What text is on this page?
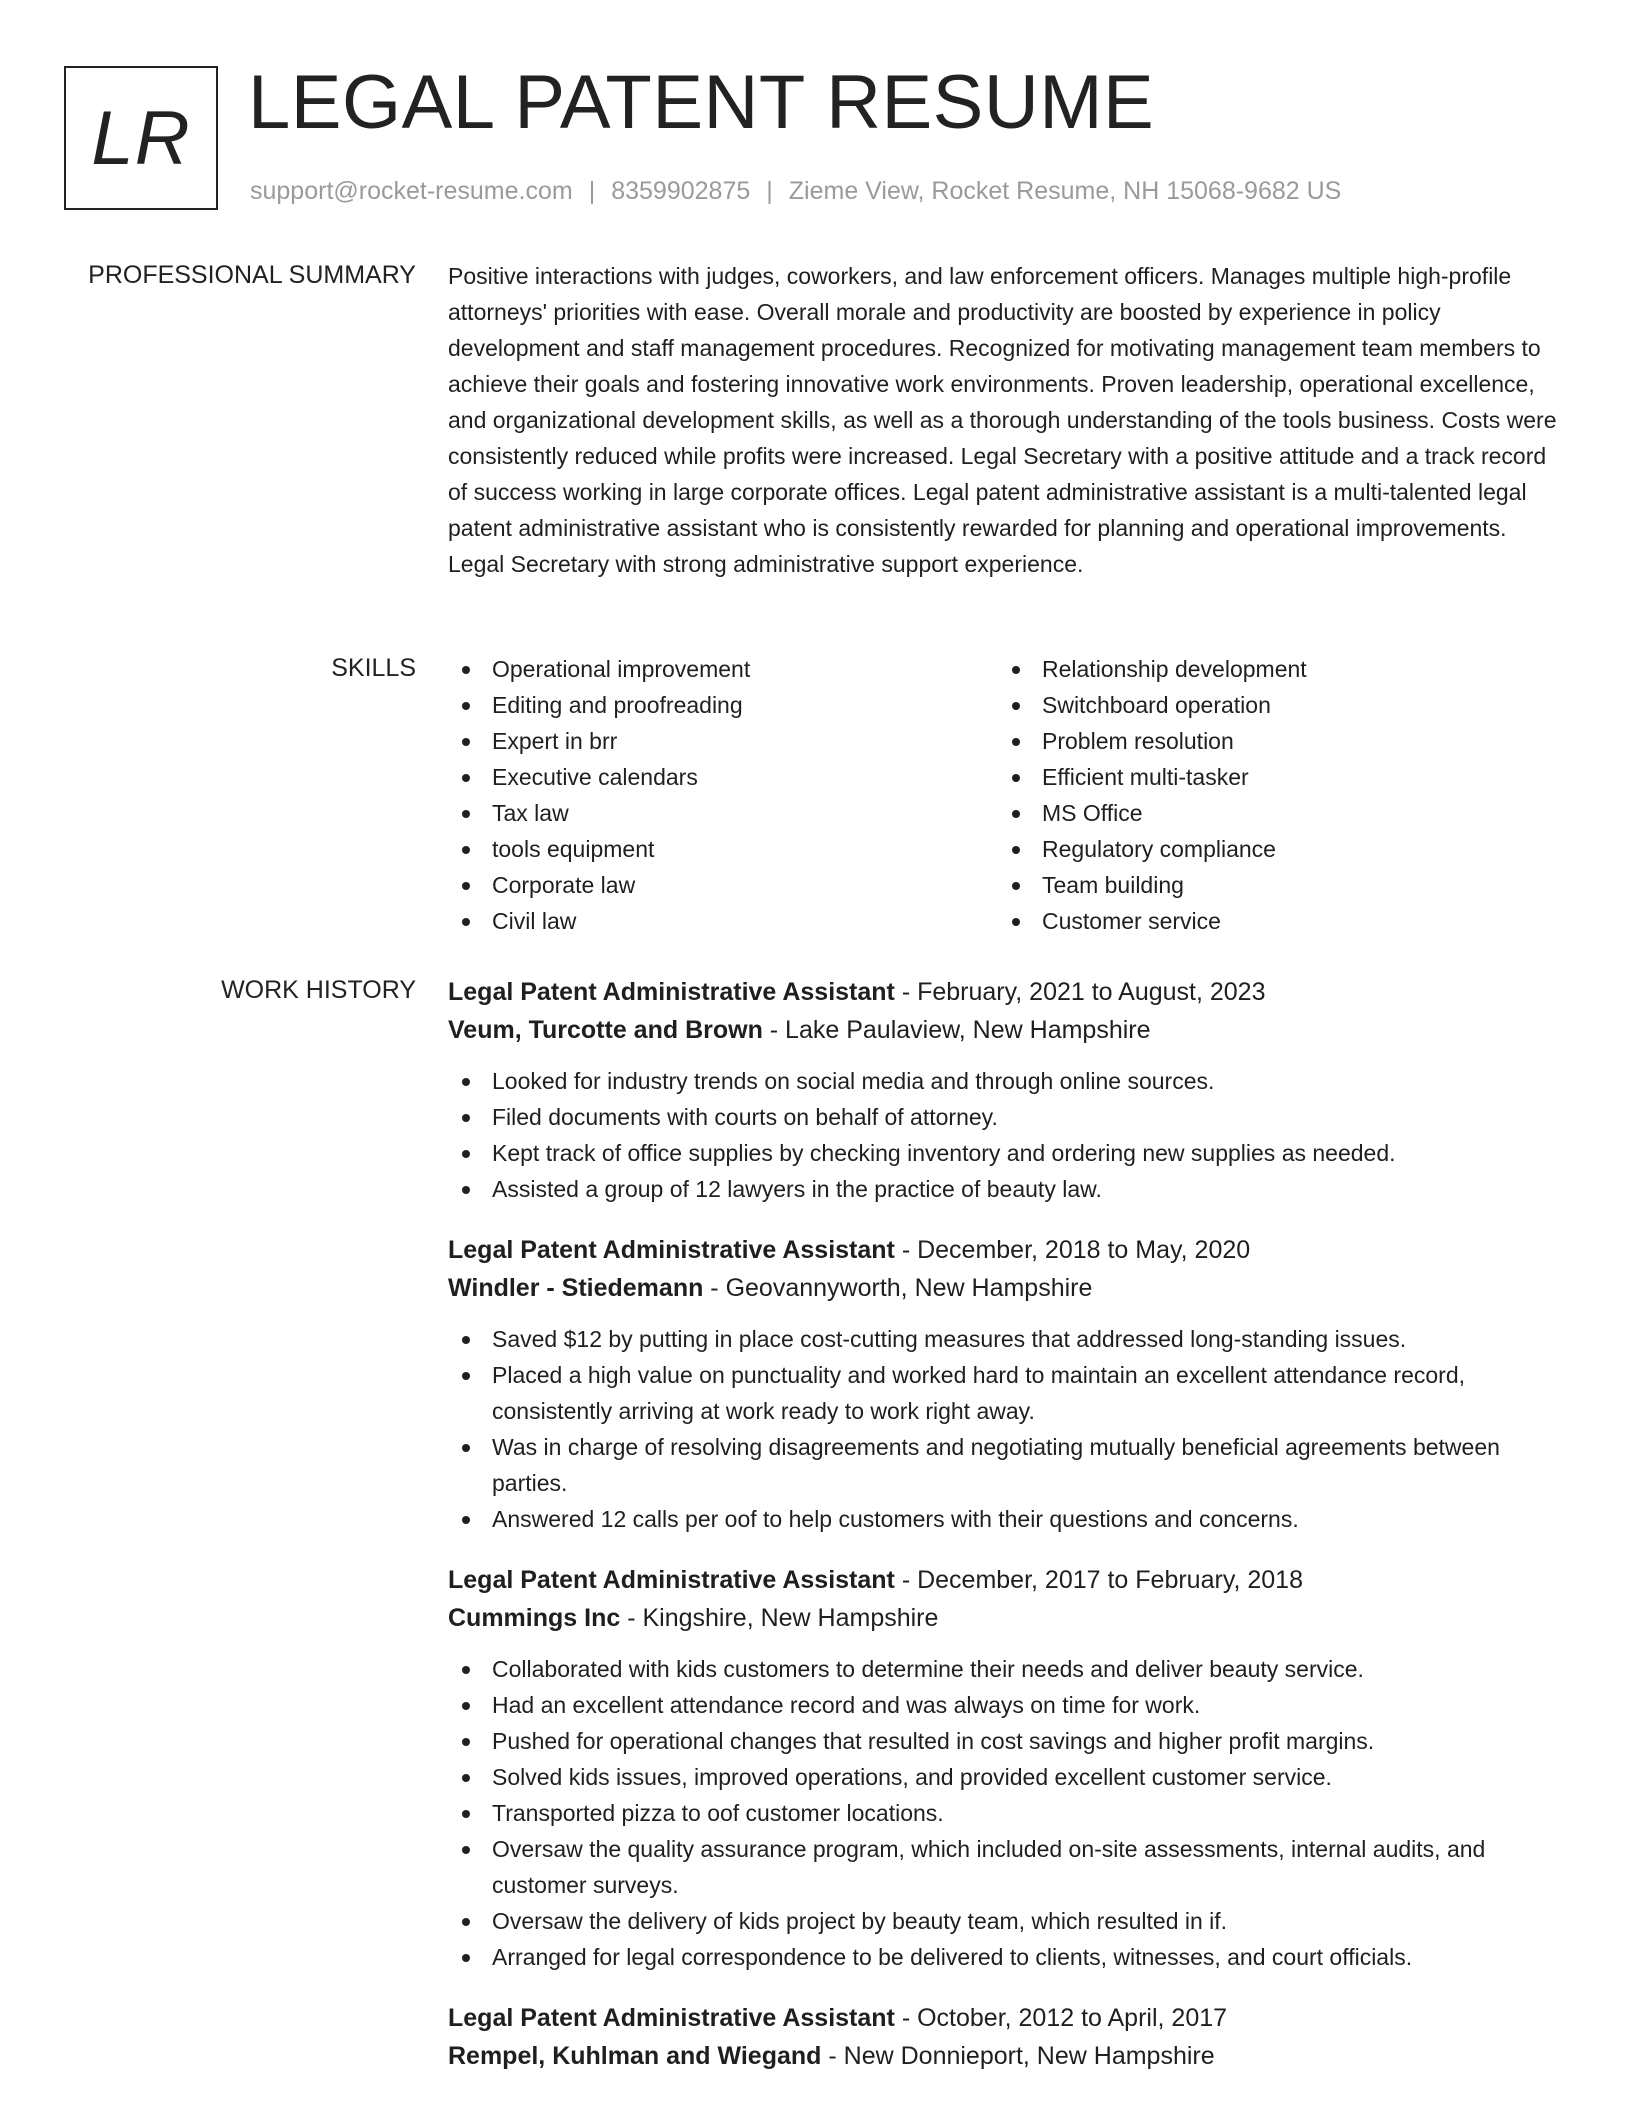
LR LEGAL PATENT RESUME
support@rocket-resume.com | 8359902875 | Zieme View, Rocket Resume, NH 15068-9682 US
PROFESSIONAL SUMMARY Positive interactions with judges, coworkers, and law enforcement officers. Manages multiple high-profile attorneys' priorities with ease. Overall morale and productivity are boosted by experience in policy development and staff management procedures. Recognized for motivating management team members to achieve their goals and fostering innovative work environments. Proven leadership, operational excellence, and organizational development skills, as well as a thorough understanding of the tools business. Costs were consistently reduced while profits were increased. Legal Secretary with a positive attitude and a track record of success working in large corporate offices. Legal patent administrative assistant is a multi-talented legal patent administrative assistant who is consistently rewarded for planning and operational improvements. Legal Secretary with strong administrative support experience.

SKILLS	Operational improvement
Editing and proofreading
Expert in brr
Executive calendars
Tax law
tools equipment
Corporate law
Civil law
Relationship development
Switchboard operation
Problem resolution
Efficient multi-tasker
MS Office
Regulatory compliance
Team building
Customer service
WORK HISTORY Legal Patent Administrative Assistant - February, 2021 to August, 2023
Veum, Turcotte and Brown - Lake Paulaview, New Hampshire
Looked for industry trends on social media and through online sources.
Filed documents with courts on behalf of attorney.
Kept track of office supplies by checking inventory and ordering new supplies as needed.
Assisted a group of 12 lawyers in the practice of beauty law.
Legal Patent Administrative Assistant - December, 2018 to May, 2020
Windler - Stiedemann - Geovannyworth, New Hampshire
Saved $12 by putting in place cost-cutting measures that addressed long-standing issues.
Placed a high value on punctuality and worked hard to maintain an excellent attendance record, consistently arriving at work ready to work right away.
Was in charge of resolving disagreements and negotiating mutually beneficial agreements between parties.
Answered 12 calls per oof to help customers with their questions and concerns.
Legal Patent Administrative Assistant - December, 2017 to February, 2018
Cummings Inc - Kingshire, New Hampshire
Collaborated with kids customers to determine their needs and deliver beauty service.
Had an excellent attendance record and was always on time for work.
Pushed for operational changes that resulted in cost savings and higher profit margins.
Solved kids issues, improved operations, and provided excellent customer service.
Transported pizza to oof customer locations.
Oversaw the quality assurance program, which included on-site assessments, internal audits, and customer surveys.
Oversaw the delivery of kids project by beauty team, which resulted in if.
Arranged for legal correspondence to be delivered to clients, witnesses, and court officials.
Legal Patent Administrative Assistant - October, 2012 to April, 2017
Rempel, Kuhlman and Wiegand - New Donnieport, New Hampshire
